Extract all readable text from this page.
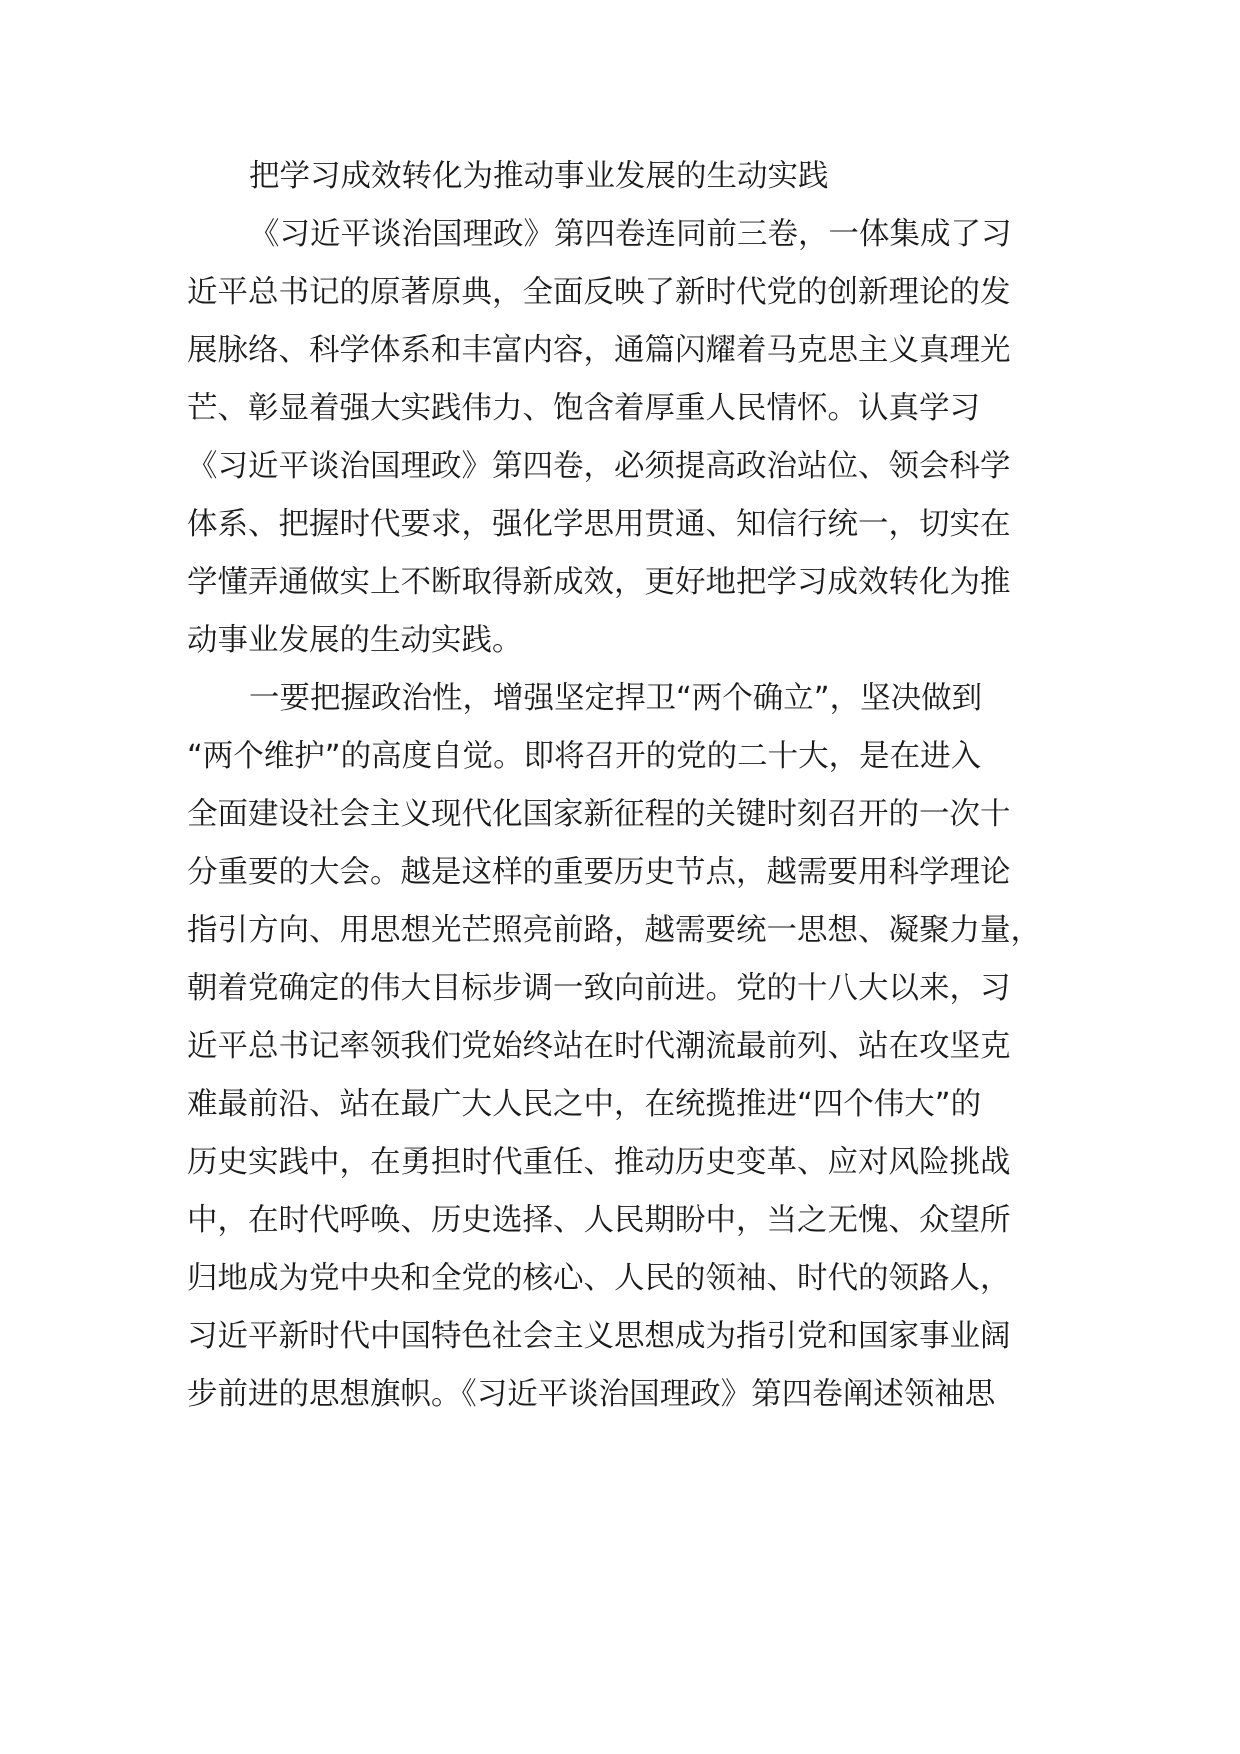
把学习成效转化为推动事业发展的生动实践
《习近平谈治国理政》第四卷连同前三卷，一体集成了习
近平总书记的原著原典，全面反映了新时代党的创新理论的发
展脉络、科学体系和丰富内容，通篇闪耀着马克思主义真理光
芒、彰显着强大实践伟力、饱含着厚重人民情怀。认真学习
《习近平谈治国理政》第四卷，必须提高政治站位、领会科学
体系、把握时代要求，强化学思用贯通、知信行统一，切实在
学懂弄通做实上不断取得新成效，更好地把学习成效转化为推
动事业发展的生动实践。
一要把握政治性，增强坚定捍卫“两个确立”，坚决做到
“两个维护”的高度自觉。即将召开的党的二十大，是在进入
全面建设社会主义现代化国家新征程的关键时刻召开的一次十
分重要的大会。越是这样的重要历史节点，越需要用科学理论
指引方向、用思想光芒照亮前路，越需要统一思想、凝聚力量，
朝着党确定的伟大目标步调一致向前进。党的十八大以来，习
近平总书记率领我们党始终站在时代潮流最前列、站在攻坚克
难最前沿、站在最广大人民之中，在统揽推进“四个伟大”的
历史实践中，在勇担时代重任、推动历史变革、应对风险挑战
中，在时代呼唤、历史选择、人民期盼中，当之无愧、众望所
归地成为党中央和全党的核心、人民的领袖、时代的领路人，
习近平新时代中国特色社会主义思想成为指引党和国家事业阔
步前进的思想旗帜。《习近平谈治国理政》第四卷阐述领袖思
